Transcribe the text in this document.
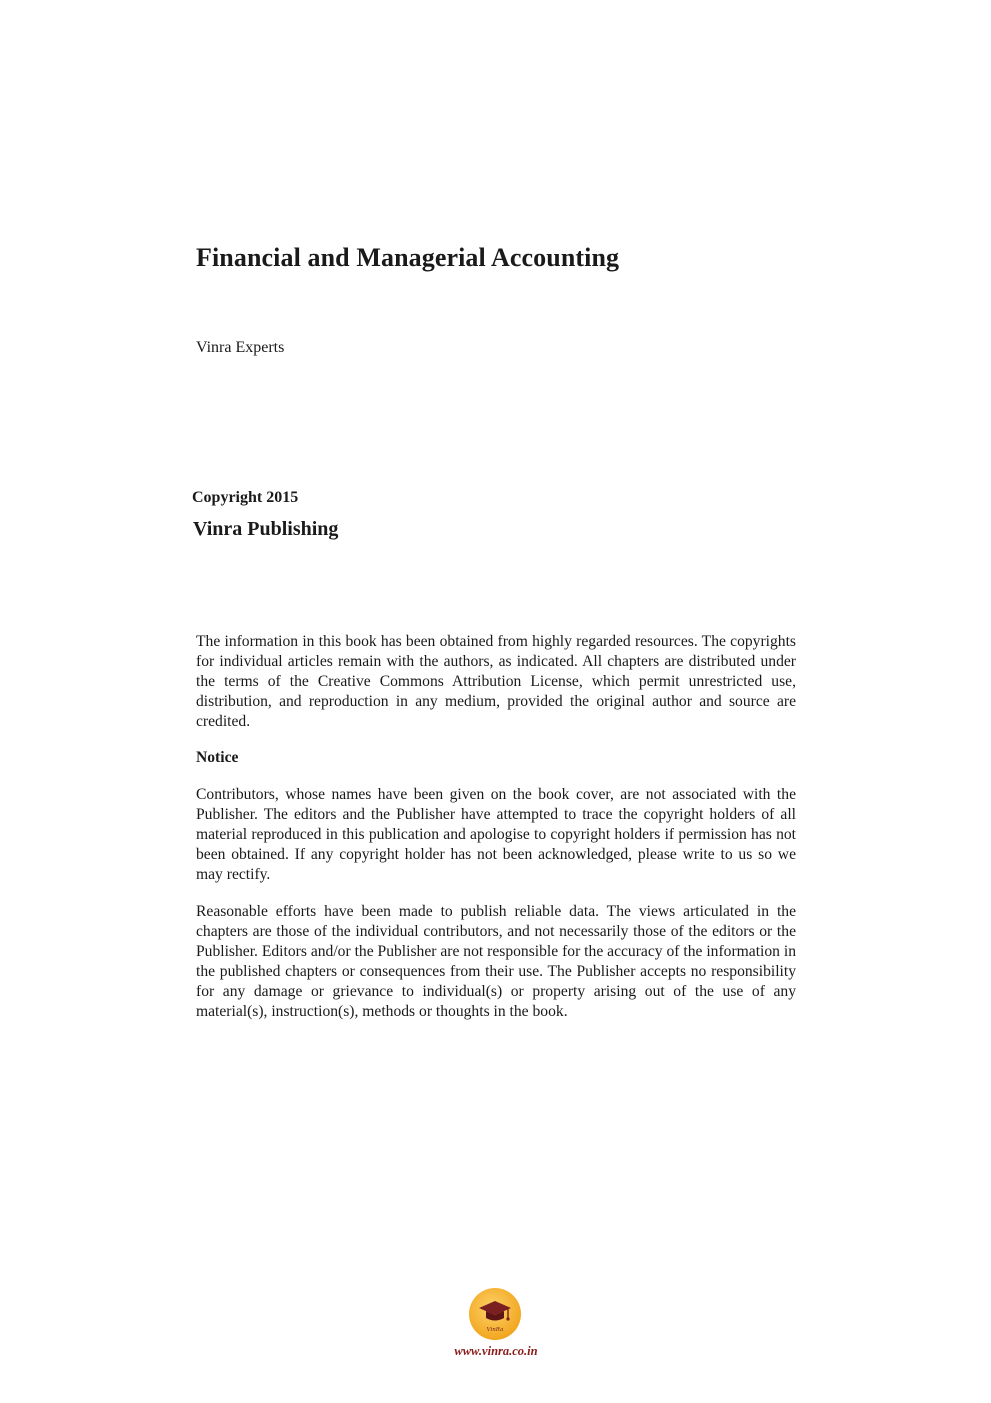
Financial and Managerial Accounting
Vinra Experts
Copyright 2015
Vinra Publishing

The information in this book has been obtained from highly regarded resources. The copyrights for individual articles remain with the authors, as indicated. All chapters are distributed under the terms of the Creative Commons Attribution License, which permit unrestricted use, distribution, and reproduction in any medium, provided the original author and source are credited.

Notice

Contributors, whose names have been given on the book cover, are not associated with the Publisher. The editors and the Publisher have attempted to trace the copyright holders of all material reproduced in this publication and apologise to copyright holders if permission has not been obtained. If any copyright holder has not been acknowledged, please write to us so we may rectify.

Reasonable efforts have been made to publish reliable data. The views articulated in the chapters are those of the individual contributors, and not necessarily those of the editors or the Publisher. Editors and/or the Publisher are not responsible for the accuracy of the information in the published chapters or consequences from their use. The Publisher accepts no responsibility for any damage or grievance to individual(s) or property arising out of the use of any material(s), instruction(s), methods or thoughts in the book.

VinRa
www.vinra.co.in
